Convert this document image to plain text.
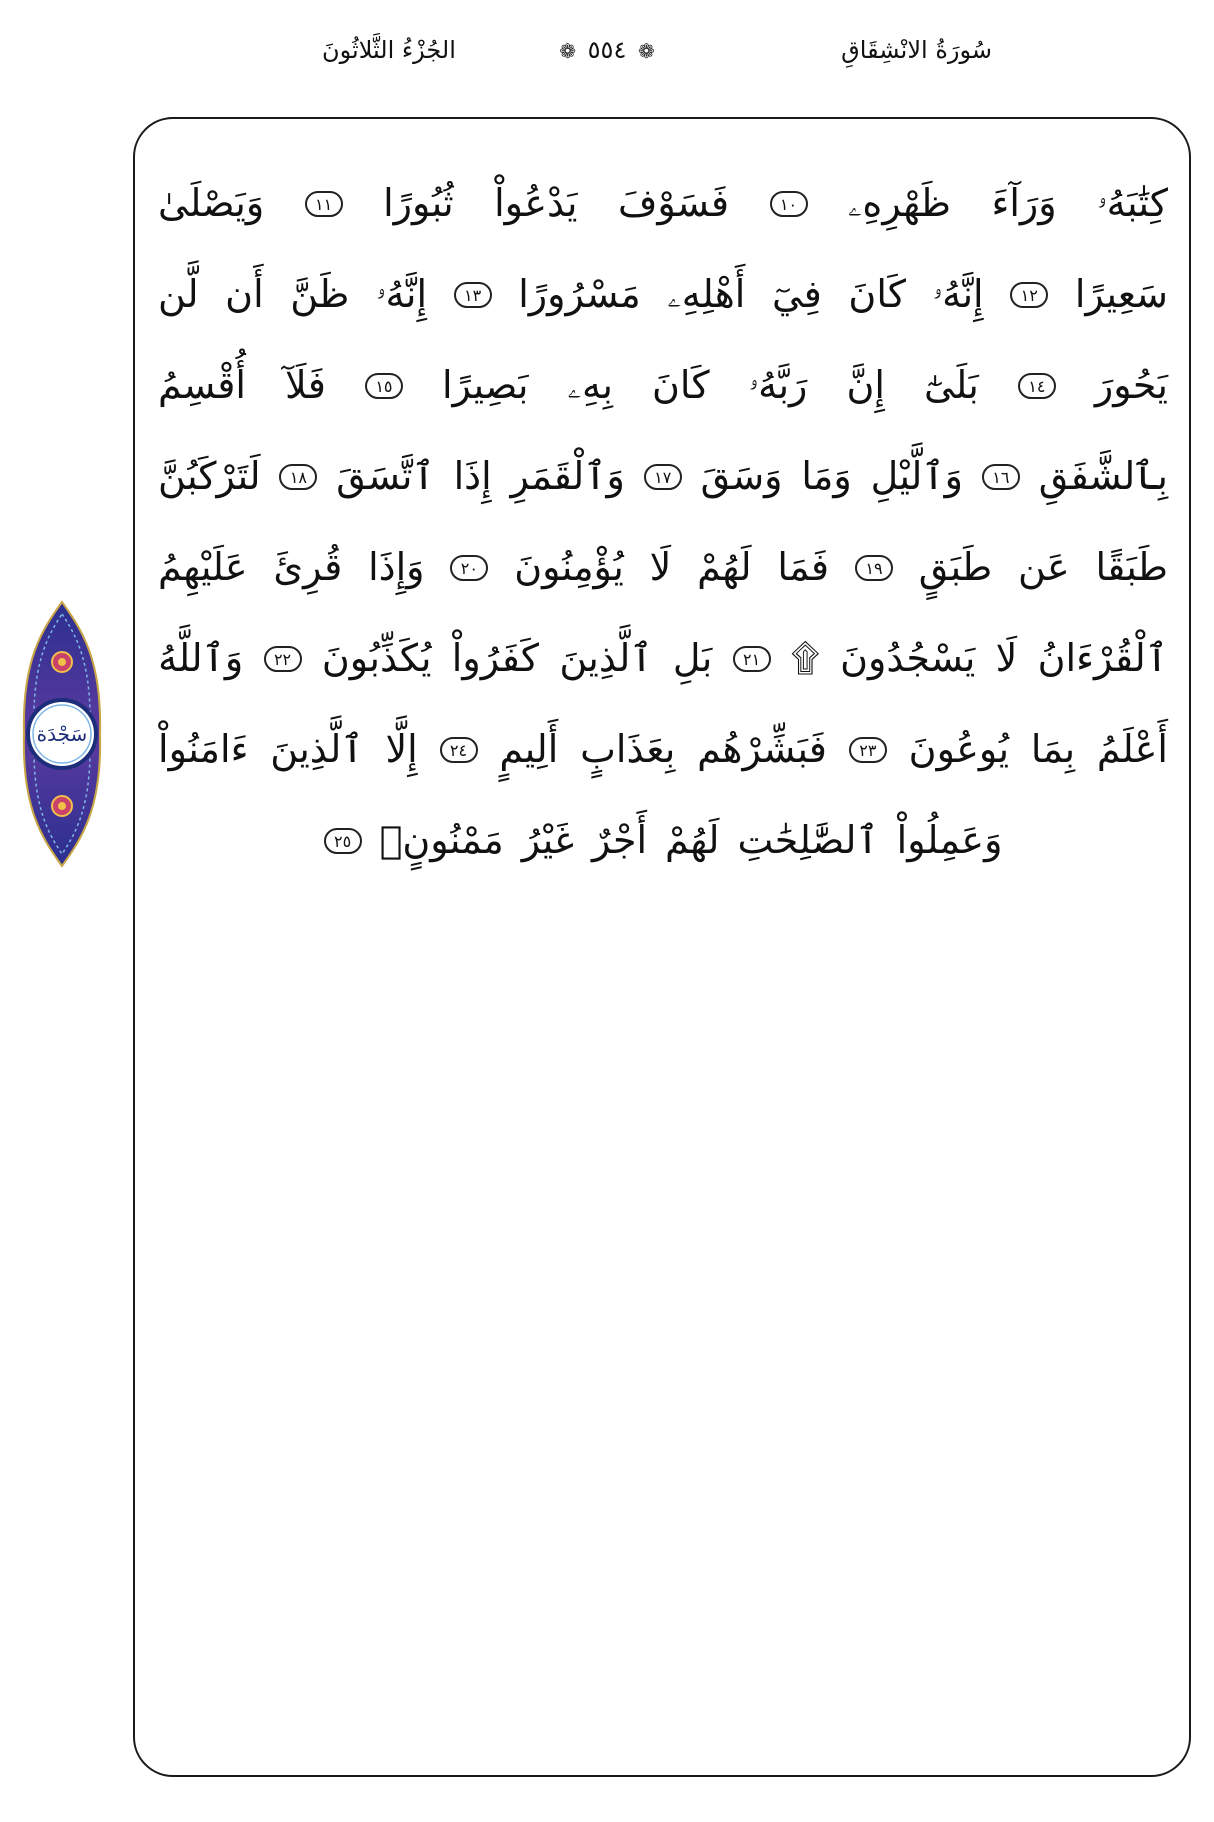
سُورَةُ الانْشِقَاقِ
❁ ٥٥٤ ❁
الجُزْءُ الثَّلاثُونَ
سَجْدَة
كِتَٰبَهُۥ
وَرَآءَ
ظَهْرِهِۦ
١٠
فَسَوْفَ
يَدْعُواْ
ثُبُورًا
١١
وَيَصْلَىٰ
سَعِيرًا
١٢
إِنَّهُۥ
كَانَ
فِيٓ
أَهْلِهِۦ
مَسْرُورًا
١٣
إِنَّهُۥ
ظَنَّ
أَن
لَّن
يَحُورَ
١٤
بَلَىٰٓ
إِنَّ
رَبَّهُۥ
كَانَ
بِهِۦ
بَصِيرًا
١٥
فَلَآ
أُقْسِمُ
بِٱلشَّفَقِ
١٦
وَٱلَّيْلِ
وَمَا
وَسَقَ
١٧
وَٱلْقَمَرِ
إِذَا
ٱتَّسَقَ
١٨
لَتَرْكَبُنَّ
طَبَقًا
عَن
طَبَقٍ
١٩
فَمَا
لَهُمْ
لَا
يُؤْمِنُونَ
٢٠
وَإِذَا
قُرِئَ
عَلَيْهِمُ
ٱلْقُرْءَانُ
لَا
يَسْجُدُونَ
۩
٢١
بَلِ
ٱلَّذِينَ
كَفَرُواْ
يُكَذِّبُونَ
٢٢
وَٱللَّهُ
أَعْلَمُ
بِمَا
يُوعُونَ
٢٣
فَبَشِّرْهُم
بِعَذَابٍ
أَلِيمٍ
٢٤
إِلَّا
ٱلَّذِينَ
ءَامَنُواْ
وَعَمِلُواْ
ٱلصَّٰلِحَٰتِ
لَهُمْ
أَجْرٌ
غَيْرُ
مَمْنُونٍۭ
٢٥
